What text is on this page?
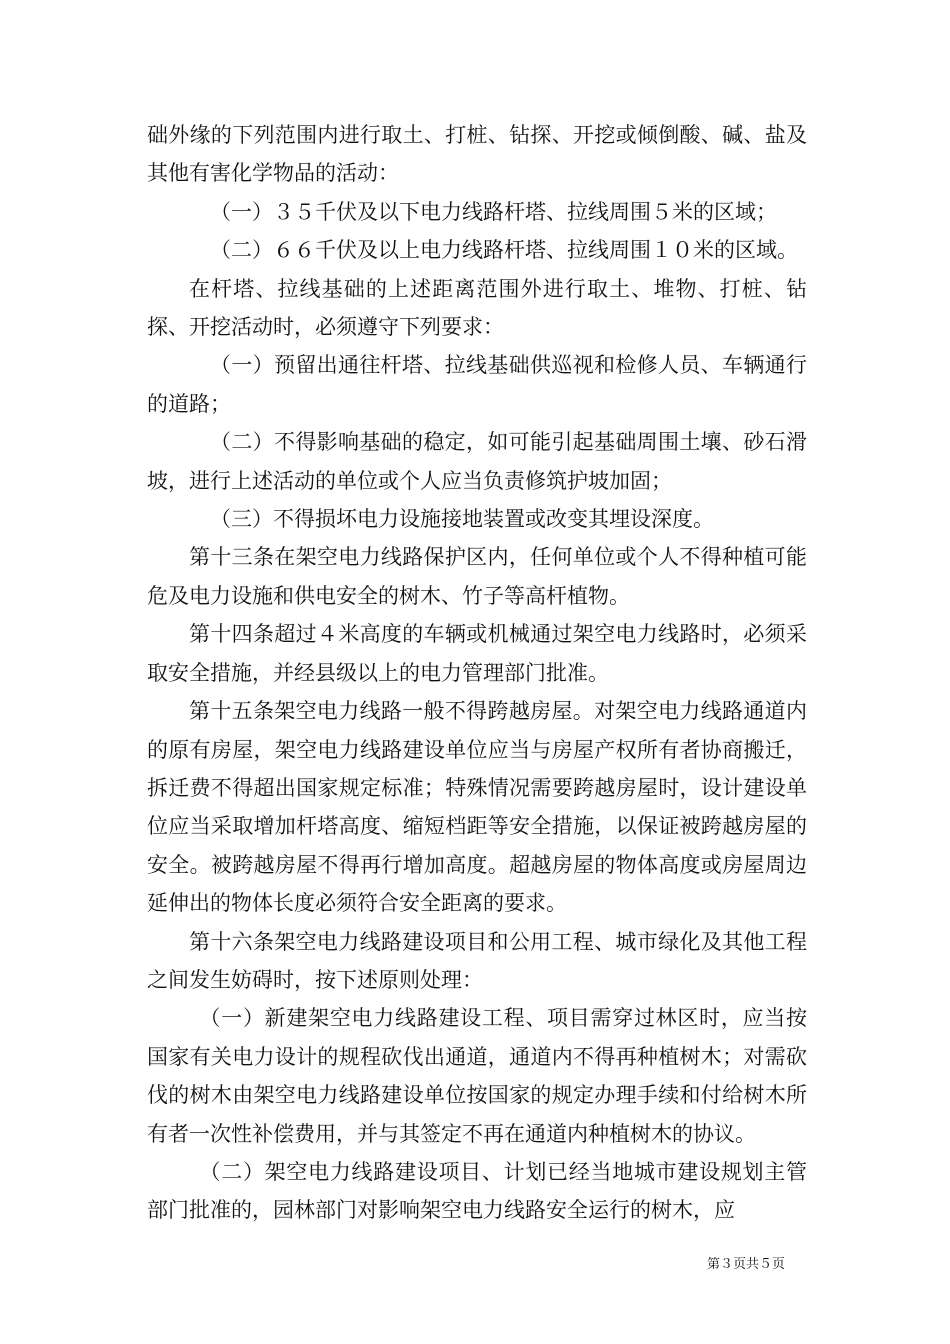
础外缘的下列范围内进行取土、打桩、钻探、开挖或倾倒酸、碱、盐及其他有害化学物品的活动：

（一）３５千伏及以下电力线路杆塔、拉线周围５米的区域；

（二）６６千伏及以上电力线路杆塔、拉线周围１０米的区域。

在杆塔、拉线基础的上述距离范围外进行取土、堆物、打桩、钻探、开挖活动时，必须遵守下列要求：

（一）预留出通往杆塔、拉线基础供巡视和检修人员、车辆通行的道路；

（二）不得影响基础的稳定，如可能引起基础周围土壤、砂石滑坡，进行上述活动的单位或个人应当负责修筑护坡加固；

（三）不得损坏电力设施接地装置或改变其埋设深度。

第十三条在架空电力线路保护区内，任何单位或个人不得种植可能危及电力设施和供电安全的树木、竹子等高杆植物。

第十四条超过４米高度的车辆或机械通过架空电力线路时，必须采取安全措施，并经县级以上的电力管理部门批准。

第十五条架空电力线路一般不得跨越房屋。对架空电力线路通道内的原有房屋，架空电力线路建设单位应当与房屋产权所有者协商搬迁，拆迁费不得超出国家规定标准；特殊情况需要跨越房屋时，设计建设单位应当采取增加杆塔高度、缩短档距等安全措施，以保证被跨越房屋的安全。被跨越房屋不得再行增加高度。超越房屋的物体高度或房屋周边延伸出的物体长度必须符合安全距离的要求。

第十六条架空电力线路建设项目和公用工程、城市绿化及其他工程之间发生妨碍时，按下述原则处理：

（一）新建架空电力线路建设工程、项目需穿过林区时，应当按国家有关电力设计的规程砍伐出通道，通道内不得再种植树木；对需砍伐的树木由架空电力线路建设单位按国家的规定办理手续和付给树木所有者一次性补偿费用，并与其签定不再在通道内种植树木的协议。

（二）架空电力线路建设项目、计划已经当地城市建设规划主管部门批准的，园林部门对影响架空电力线路安全运行的树木，应

第３页共５页
